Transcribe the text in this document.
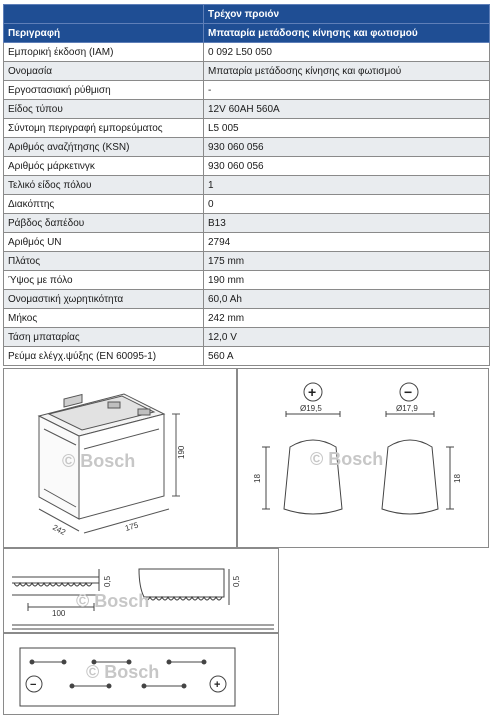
	Τρέχον προιόν
Περιγραφή	Μπαταρία μετάδοσης κίνησης και φωτισμού
Εμπορική έκδοση (IAM)	0 092 L50 050
Ονομασία	Μπαταρία μετάδοσης κίνησης και φωτισμού
Εργοστασιακή ρύθμιση	-
Είδος τύπου	12V 60AH 560A
Σύντομη περιγραφή εμπορεύματος	L5 005
Αριθμός αναζήτησης (KSN)	930 060 056
Αριθμός μάρκετινγκ	930 060 056
Τελικό είδος πόλου	1
Διακόπτης	0
Ράβδος δαπέδου	B13
Αριθμός UN	2794
Πλάτος	175 mm
Ύψος με πόλο	190 mm
Ονομαστική χωρητικότητα	60,0 Ah
Μήκος	242 mm
Τάση μπαταρίας	12,0 V
Ρεύμα ελέγχ.ψύξης (EN 60095-1)	560 A
190
242	175
© Bosch
+	−
Ø19,5	Ø17,9
18	18
© Bosch
0,5	0,5
100
© Bosch
−	+
© Bosch
